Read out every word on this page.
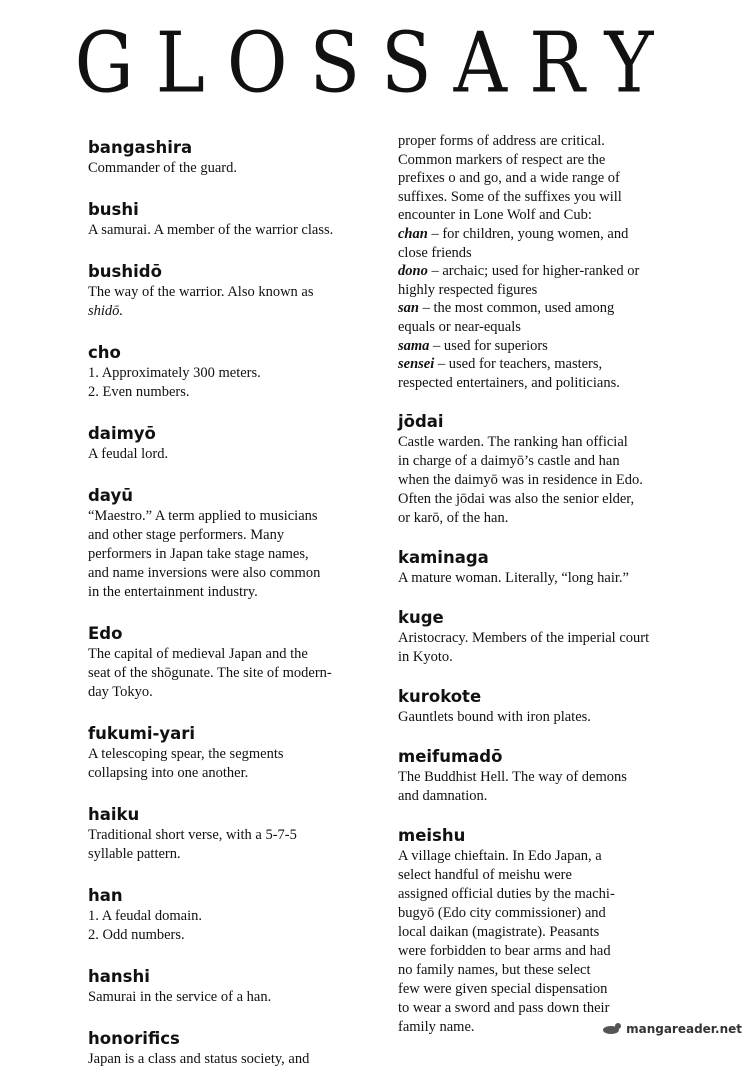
GLOSSARY
bangashira
Commander of the guard.
bushi
A samurai. A member of the warrior class.
bushidō
The way of the warrior. Also known as
shidō.
cho
1. Approximately 300 meters.
2. Even numbers.
daimyō
A feudal lord.
dayū
“Maestro.” A term applied to musicians
and other stage performers. Many
performers in Japan take stage names,
and name inversions were also common
in the entertainment industry.
Edo
The capital of medieval Japan and the
seat of the shōgunate. The site of modern-
day Tokyo.
fukumi-yari
A telescoping spear, the segments
collapsing into one another.
haiku
Traditional short verse, with a 5-7-5
syllable pattern.
han
1. A feudal domain.
2. Odd numbers.
hanshi
Samurai in the service of a han.
honorifics
Japan is a class and status society, and
proper forms of address are critical.
Common markers of respect are the
prefixes o and go, and a wide range of
suffixes. Some of the suffixes you will
encounter in Lone Wolf and Cub:
chan – for children, young women, and
close friends
dono – archaic; used for higher-ranked or
highly respected figures
san – the most common, used among
equals or near-equals
sama – used for superiors
sensei – used for teachers, masters,
respected entertainers, and politicians.
jōdai
Castle warden. The ranking han official
in charge of a daimyō’s castle and han
when the daimyō was in residence in Edo.
Often the jōdai was also the senior elder,
or karō, of the han.
kaminaga
A mature woman. Literally, “long hair.”
kuge
Aristocracy. Members of the imperial court
in Kyoto.
kurokote
Gauntlets bound with iron plates.
meifumadō
The Buddhist Hell. The way of demons
and damnation.
meishu
A village chieftain. In Edo Japan, a
select handful of meishu were
assigned official duties by the machi-
bugyō (Edo city commissioner) and
local daikan (magistrate). Peasants
were forbidden to bear arms and had
no family names, but these select
few were given special dispensation
to wear a sword and pass down their
family name.	mangareader.net
